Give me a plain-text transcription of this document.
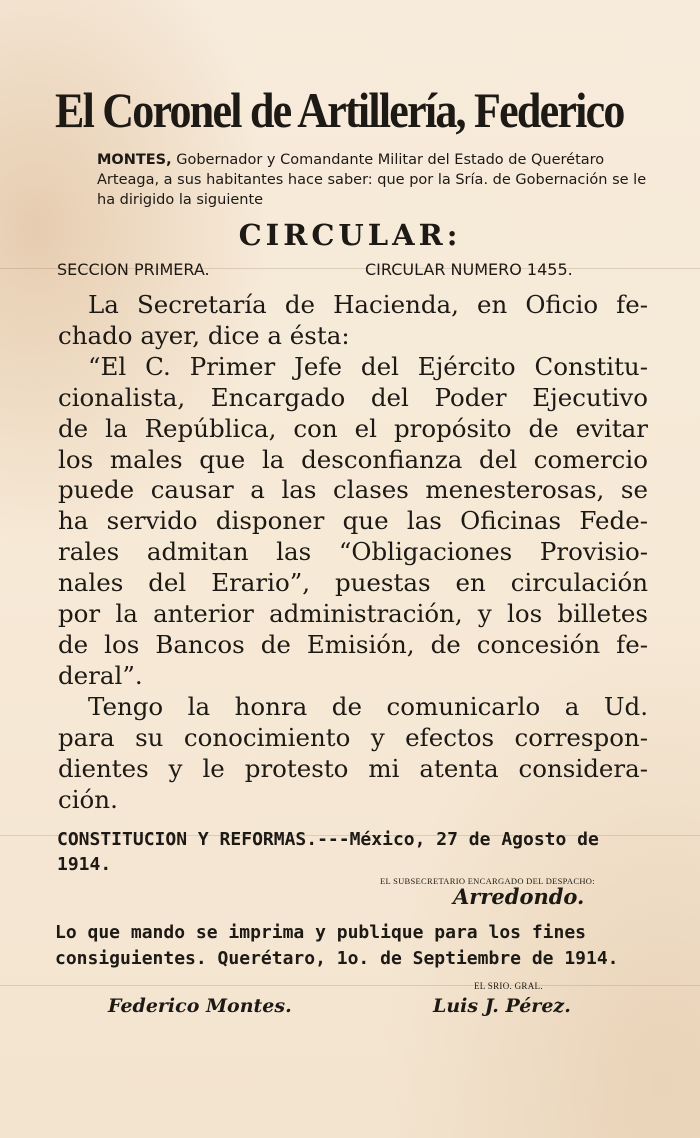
El Coronel de Artillería, Federico
MONTES, Gobernador y Comandante Militar del Estado de Querétaro Arteaga, a sus habitantes hace saber: que por la Sría. de Gobernación se le ha dirigido la siguiente
CIRCULAR:
SECCION PRIMERA.	CIRCULAR NUMERO 1455.
La Secretaría de Hacienda, en Oficio fe-
chado ayer, dice a ésta:
“El C. Primer Jefe del Ejército Constitu-
cionalista, Encargado del Poder Ejecutivo
de la República, con el propósito de evitar
los males que la desconfianza del comercio
puede causar a las clases menesterosas, se
ha servido disponer que las Oficinas Fede-
rales admitan las “Obligaciones Provisio-
nales del Erario”, puestas en circulación
por la anterior administración, y los billetes
de los Bancos de Emisión, de concesión fe-
deral”.
Tengo la honra de comunicarlo a Ud.
para su conocimiento y efectos correspon-
dientes y le protesto mi atenta considera-
ción.
CONSTITUCION Y REFORMAS.---México, 27 de Agosto de 1914.
EL SUBSECRETARIO ENCARGADO DEL DESPACHO:
Arredondo.
Lo que mando se imprima y publique para los fines consiguientes. Querétaro, 1o. de Septiembre de 1914.
EL SRIO. GRAL.
Federico Montes.	Luis J. Pérez.
